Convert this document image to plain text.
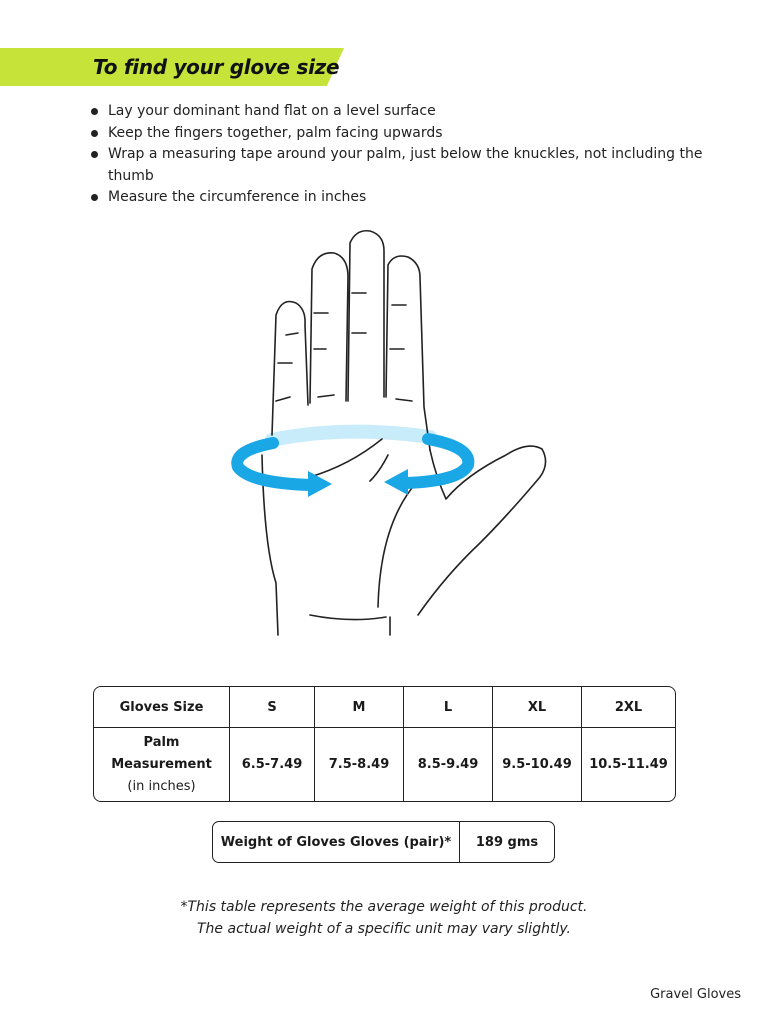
To find your glove size
Lay your dominant hand flat on a level surface
Keep the fingers together, palm facing upwards
Wrap a measuring tape around your palm, just below the knuckles, not including the thumb
Measure the circumference in inches
Gloves Size	S	M	L	XL	2XL

Palm
Measurement
(in inches)	6.5-7.49	7.5-8.49	8.5-9.49	9.5-10.49	10.5-11.49
Weight of Gloves Gloves (pair)*	189 gms
*This table represents the average weight of this product.
The actual weight of a specific unit may vary slightly.
Gravel Gloves
